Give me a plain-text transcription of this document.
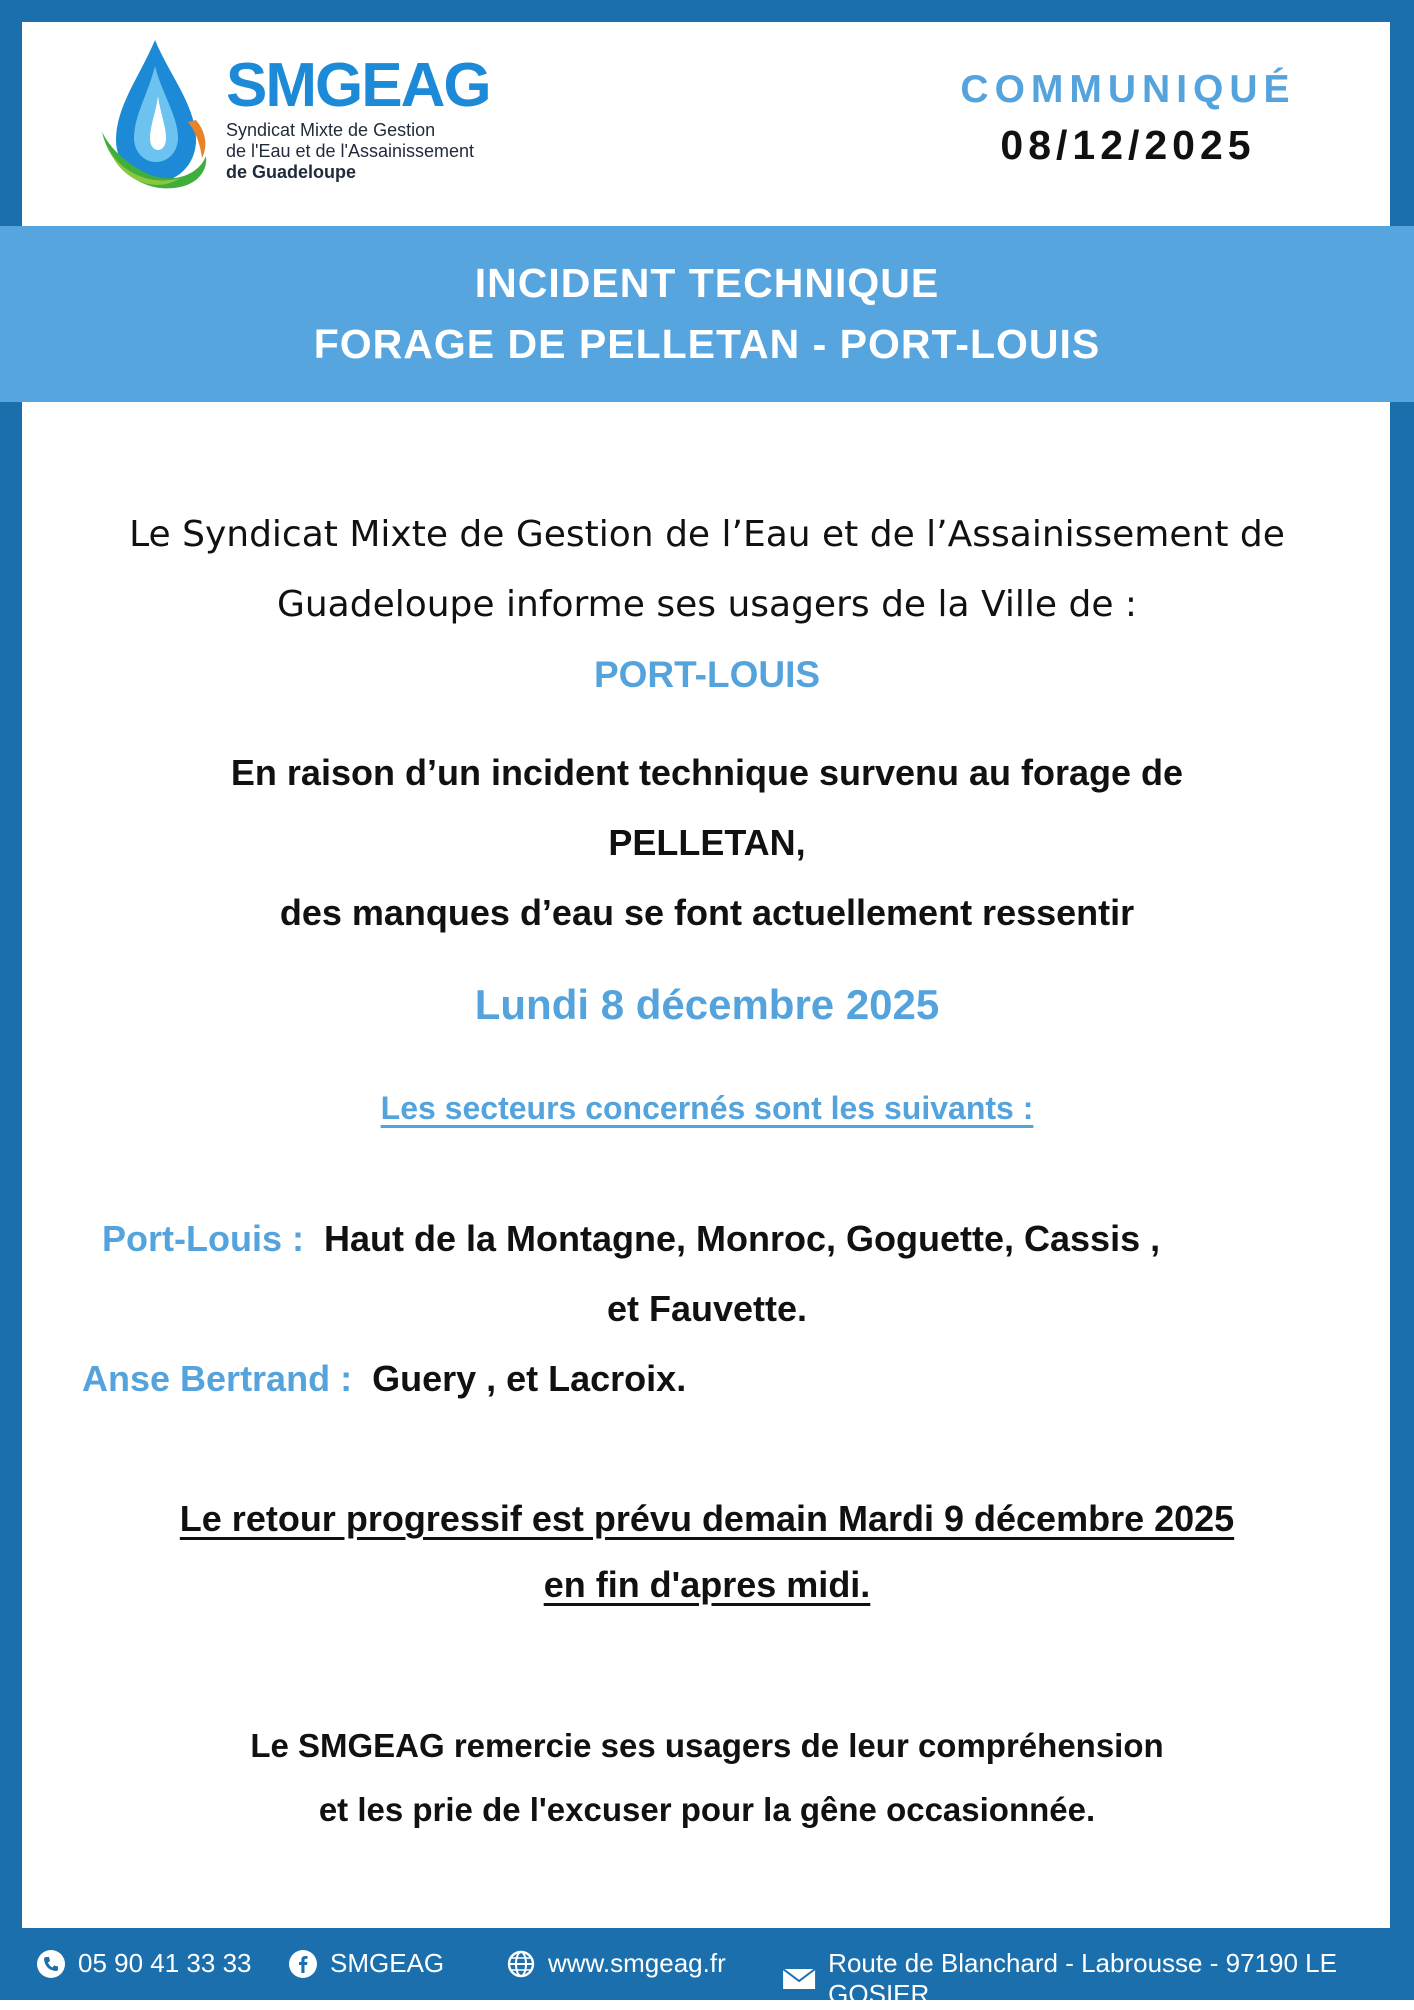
SMGEAG
Syndicat Mixte de Gestion
de l'Eau et de l'Assainissement
de Guadeloupe
COMMUNIQUÉ
08/12/2025
INCIDENT TECHNIQUE
FORAGE DE PELLETAN - PORT-LOUIS
Le Syndicat Mixte de Gestion de l’Eau et de l’Assainissement de
Guadeloupe informe ses usagers de la Ville de :
PORT-LOUIS
En raison d’un incident technique survenu au forage de
PELLETAN,
des manques d’eau se font actuellement ressentir
Lundi 8 décembre 2025
Les secteurs concernés sont les suivants :
Port-Louis : Haut de la Montagne, Monroc, Goguette, Cassis ,
et Fauvette.
Anse Bertrand : Guery , et Lacroix.
Le retour progressif est prévu demain Mardi 9 décembre 2025
en fin d'apres midi.
Le SMGEAG remercie ses usagers de leur compréhension
et les prie de l'excuser pour la gêne occasionnée.
05 90 41 33 33	SMGEAG	www.smgeag.fr	Route de Blanchard - Labrousse - 97190 LE GOSIER
